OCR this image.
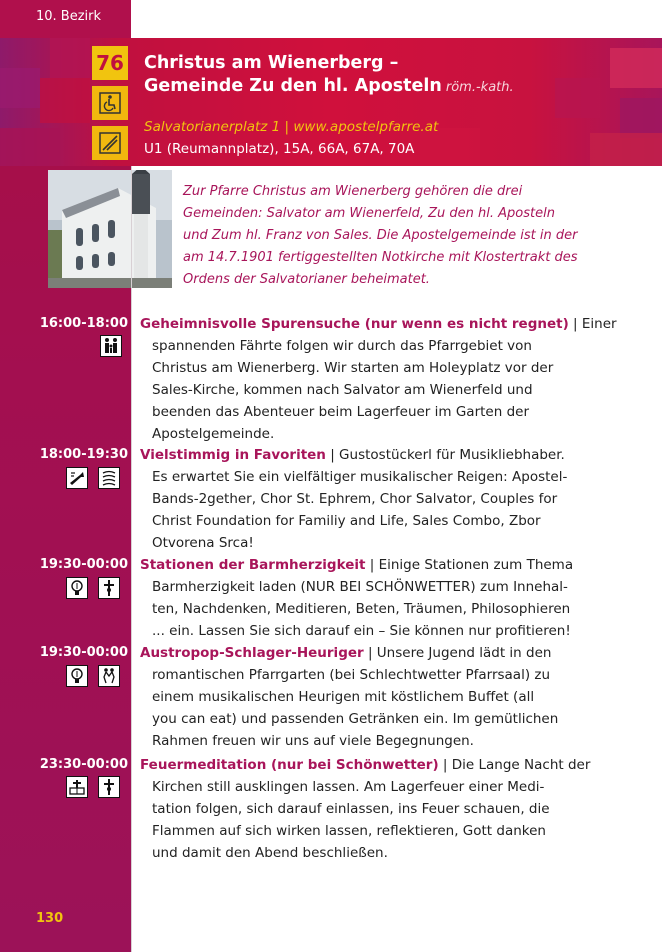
10. Bezirk
76 Christus am Wienerberg –
Gemeinde Zu den hl. Aposteln röm.-kath.
Salvatorianerplatz 1 | www.apostelpfarre.at
U1 (Reumannplatz), 15A, 66A, 67A, 70A
Zur Pfarre Christus am Wienerberg gehören die drei
Gemeinden: Salvator am Wienerfeld, Zu den hl. Aposteln
und Zum hl. Franz von Sales. Die Apostelgemeinde ist in der
am 14.7.1901 fertiggestellten Notkirche mit Klostertrakt des
Ordens der Salvatorianer beheimatet.
16:00-18:00 Geheimnisvolle Spurensuche (nur wenn es nicht regnet) | Einer
spannenden Fährte folgen wir durch das Pfarrgebiet von
Christus am Wienerberg. Wir starten am Holeyplatz vor der
Sales-Kirche, kommen nach Salvator am Wienerfeld und
beenden das Abenteuer beim Lagerfeuer im Garten der
Apostelgemeinde.
18:00-19:30 Vielstimmig in Favoriten | Gustostückerl für Musikliebhaber.
Es erwartet Sie ein vielfältiger musikalischer Reigen: Apostel-
Bands-2gether, Chor St. Ephrem, Chor Salvator, Couples for
Christ Foundation for Familiy and Life, Sales Combo, Zbor
Otvorena Srca!
19:30-00:00 Stationen der Barmherzigkeit | Einige Stationen zum Thema
Barmherzigkeit laden (NUR BEI SCHÖNWETTER) zum Innehal-
ten, Nachdenken, Meditieren, Beten, Träumen, Philosophieren
... ein. Lassen Sie sich darauf ein – Sie können nur profitieren!
19:30-00:00 Austropop-Schlager-Heuriger | Unsere Jugend lädt in den
romantischen Pfarrgarten (bei Schlechtwetter Pfarrsaal) zu
einem musikalischen Heurigen mit köstlichem Buffet (all
you can eat) und passenden Getränken ein. Im gemütlichen
Rahmen freuen wir uns auf viele Begegnungen.
23:30-00:00 Feuermeditation (nur bei Schönwetter) | Die Lange Nacht der
Kirchen still ausklingen lassen. Am Lagerfeuer einer Medi-
tation folgen, sich darauf einlassen, ins Feuer schauen, die
Flammen auf sich wirken lassen, reflektieren, Gott danken
und damit den Abend beschließen.
130
